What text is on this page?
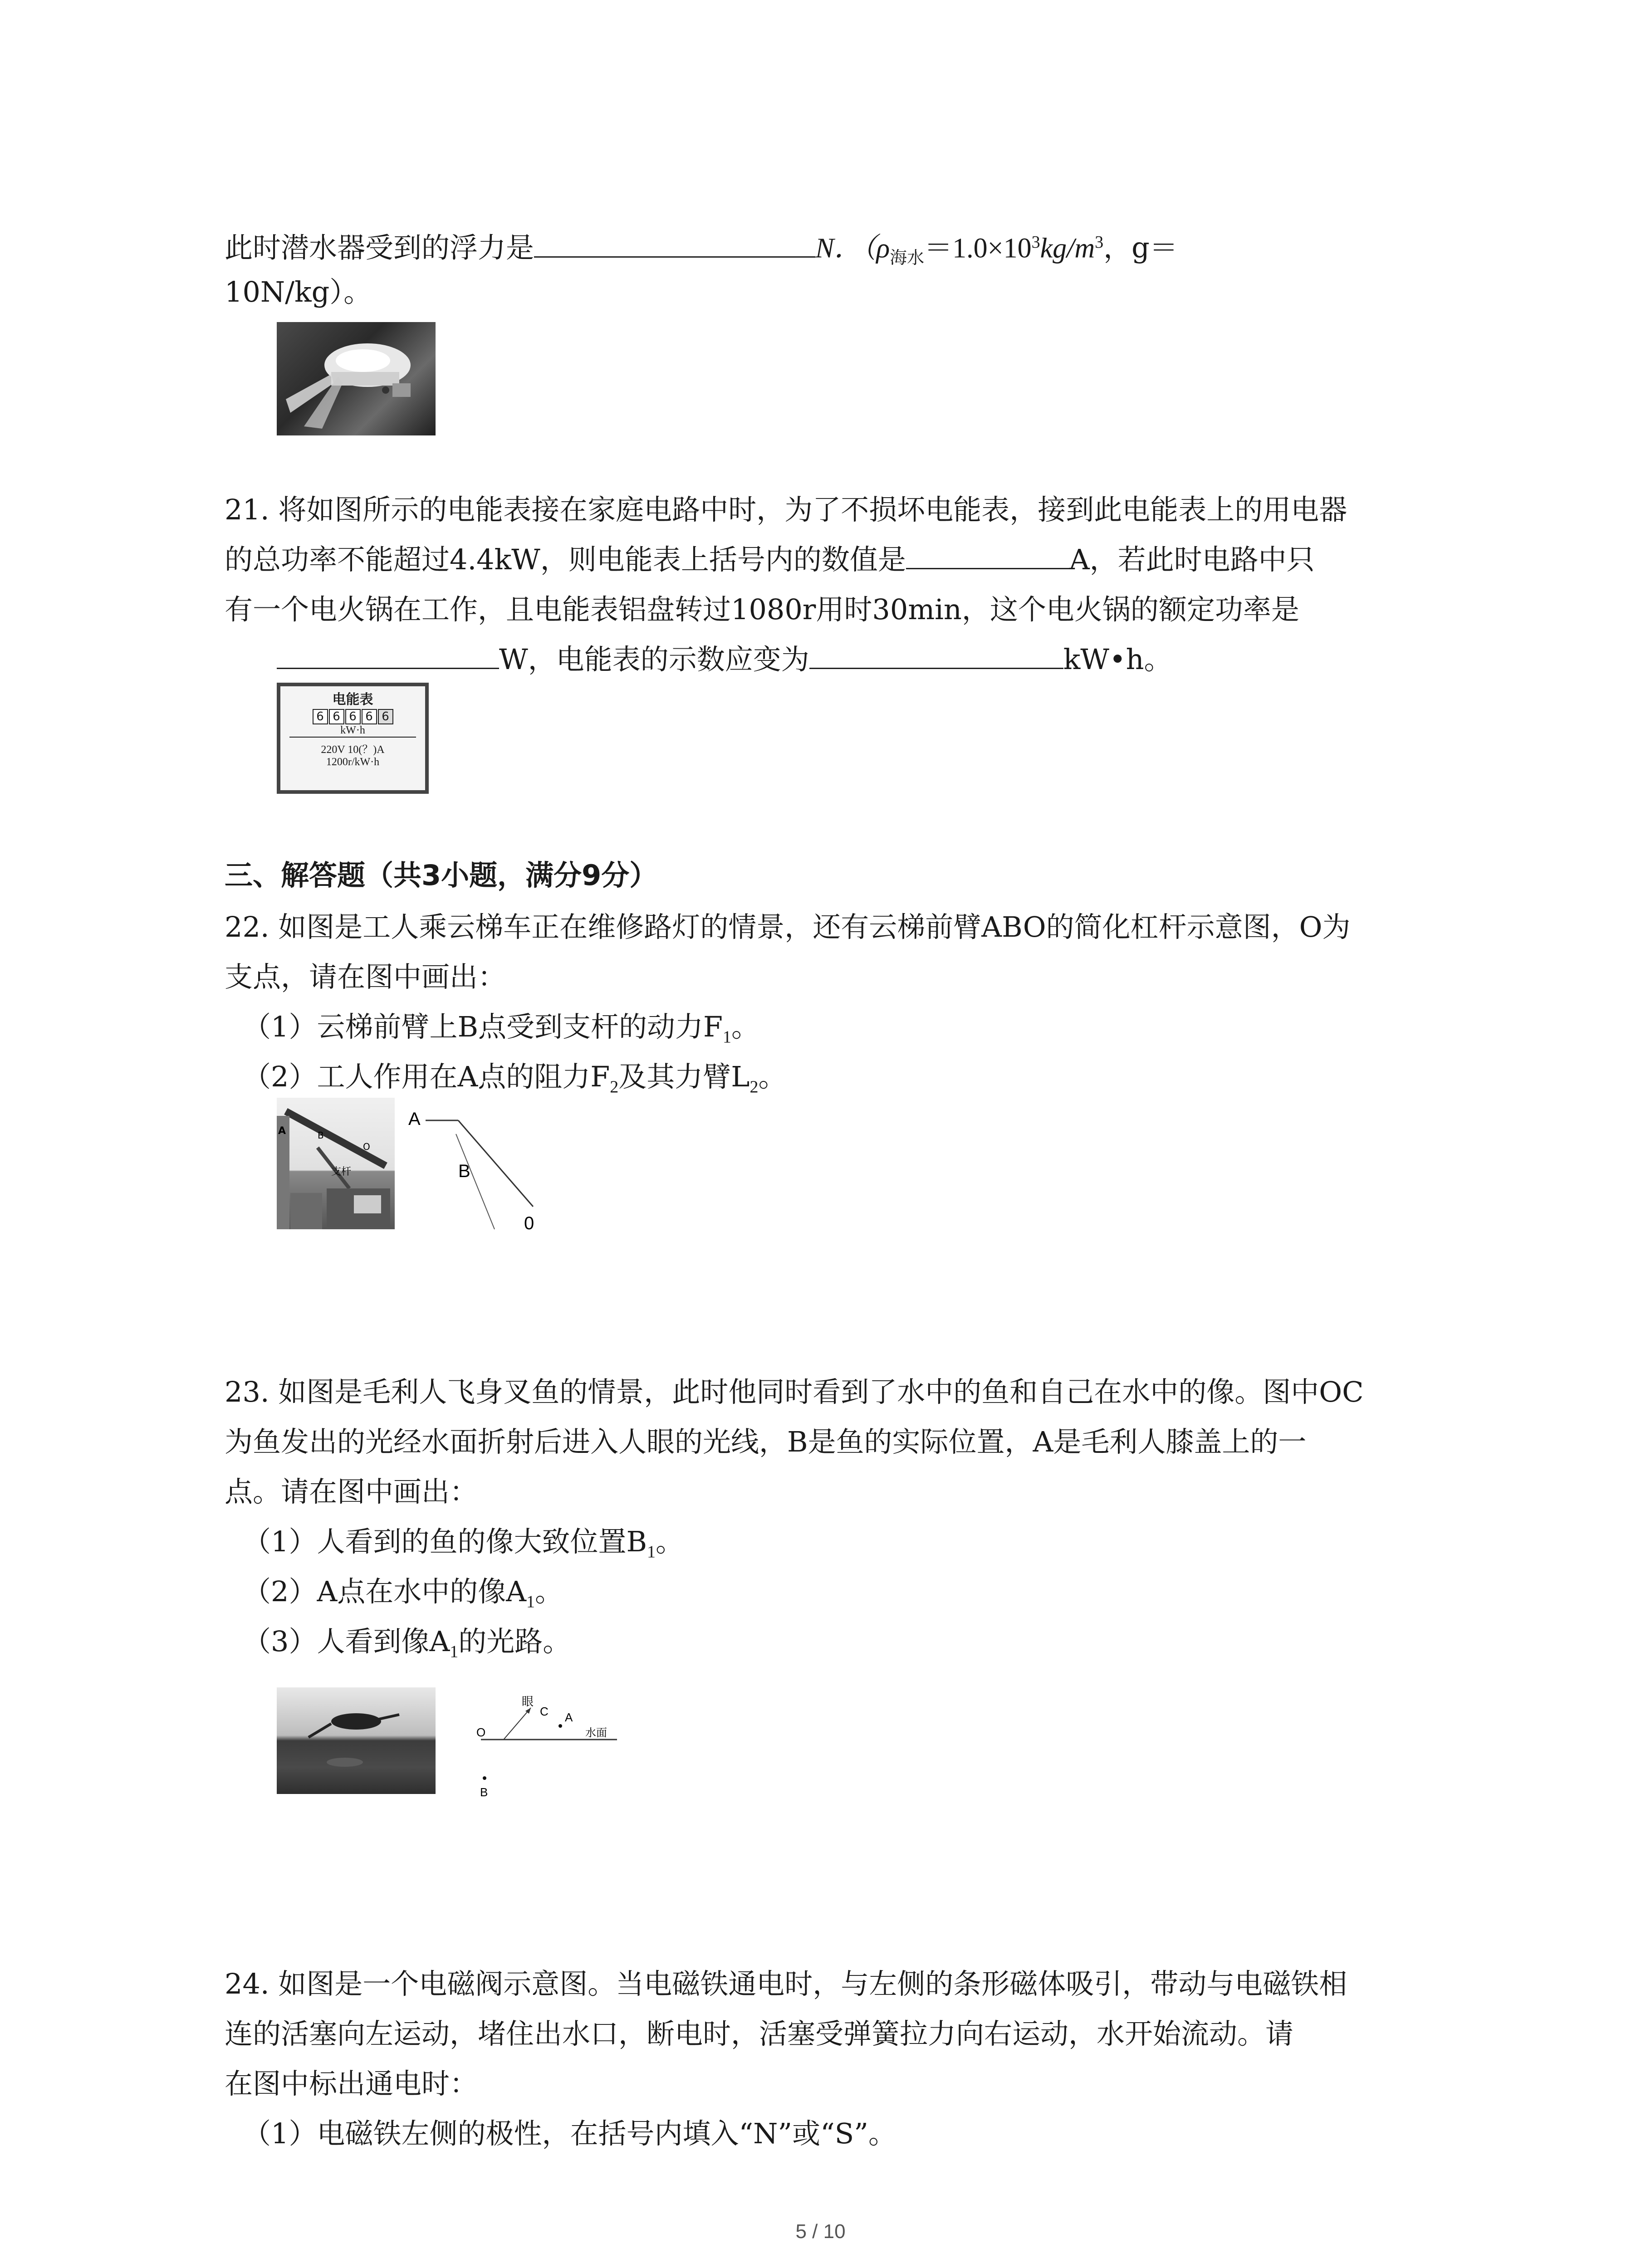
此时潜水器受到的浮力是	N．（$\rho_{海水}=1.0\times 10^3kg/m^3$，g＝
10N/kg）。
21. 将如图所示的电能表接在家庭电路中时，为了不损坏电能表，接到此电能表上的用电器
的总功率不能超过4.4kW，则电能表上括号内的数值是	A，若此时电路中只
有一个电火锅在工作，且电能表铝盘转过1080r用时30min，这个电火锅的额定功率是
W，电能表的示数应变为	kW•h。
电能表
6 6 6 6 6
kW·h
220V 10(？)A
1200r/kW·h
三、解答题（共3小题，满分9分）
22. 如图是工人乘云梯车正在维修路灯的情景，还有云梯前臂ABO的简化杠杆示意图，O为
支点，请在图中画出：
（1）云梯前臂上B点受到支杆的动力$F_1$。
（2）工人作用在A点的阻力$F_2$及其力臂$L_2$。
A	B
O
支杆
A
B
0
23. 如图是毛利人飞身叉鱼的情景，此时他同时看到了水中的鱼和自己在水中的像。图中OC
为鱼发出的光经水面折射后进入人眼的光线，B是鱼的实际位置，A是毛利人膝盖上的一
点。请在图中画出：
（1）人看到的鱼的像大致位置$B_1$。
（2）A点在水中的像$A_1$。
（3）人看到像$A_1$的光路。
眼
C A
O	水面
B
24. 如图是一个电磁阀示意图。当电磁铁通电时，与左侧的条形磁体吸引，带动与电磁铁相
连的活塞向左运动，堵住出水口，断电时，活塞受弹簧拉力向右运动，水开始流动。请
在图中标出通电时：
（1）电磁铁左侧的极性，在括号内填入“N”或“S”。
5 / 10
